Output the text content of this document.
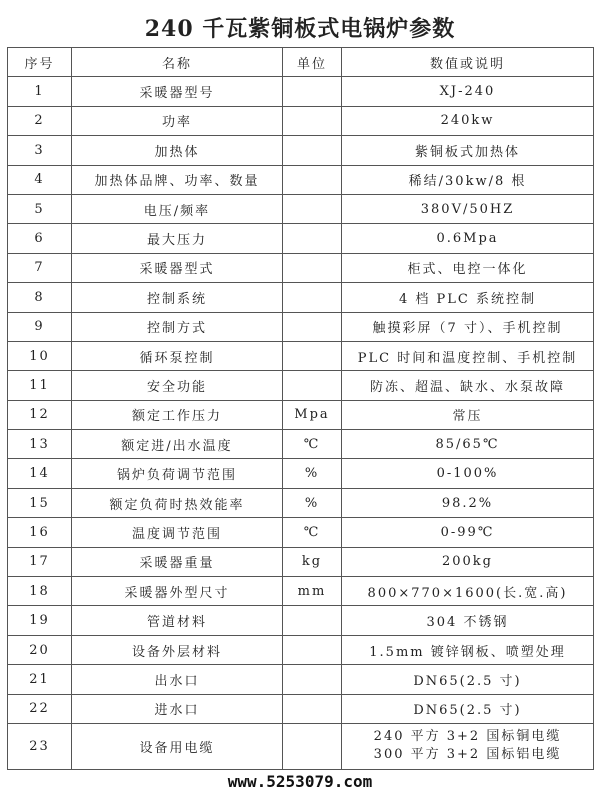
240 千瓦紫铜板式电锅炉参数
序号	名称	单位	数值或说明
1	采暖器型号		XJ-240
2	功率		240kw
3	加热体		紫铜板式加热体
4	加热体品牌、功率、数量		稀结/30kw/8 根
5	电压/频率		380V/50HZ
6	最大压力		0.6Mpa
7	采暖器型式		柜式、电控一体化
8	控制系统		4 档 PLC 系统控制
9	控制方式		触摸彩屏（7 寸）、手机控制
10	循环泵控制		PLC 时间和温度控制、手机控制
11	安全功能		防冻、超温、缺水、水泵故障
12	额定工作压力	Mpa	常压
13	额定进/出水温度	℃	85/65℃
14	锅炉负荷调节范围	%	0-100%
15	额定负荷时热效能率	%	98.2%
16	温度调节范围	℃	0-99℃
17	采暖器重量	kg	200kg
18	采暖器外型尺寸	mm	800×770×1600(长.宽.高)
19	管道材料		304 不锈钢
20	设备外层材料		1.5mm 镀锌钢板、喷塑处理
21	出水口		DN65(2.5 寸)
22	进水口		DN65(2.5 寸)
23	设备用电缆		240 平方 3+2 国标铜电缆
300 平方 3+2 国标铝电缆
www.5253079.com
